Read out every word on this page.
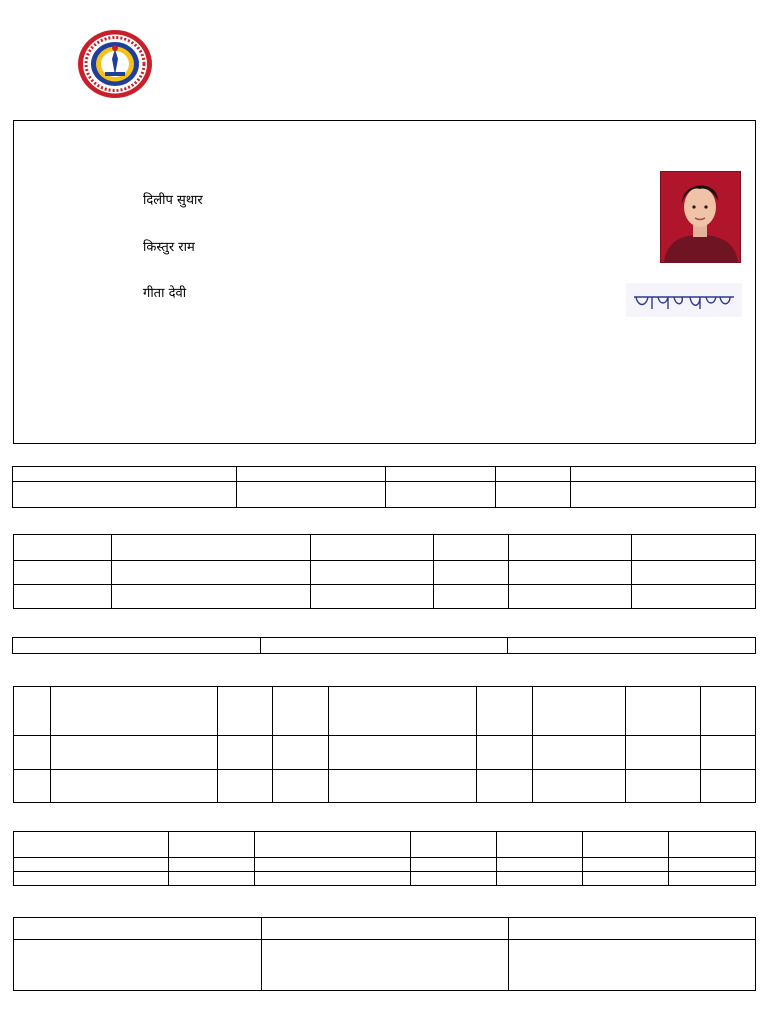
दिलीप सुथार
किस्तुर राम
गीता देवी
